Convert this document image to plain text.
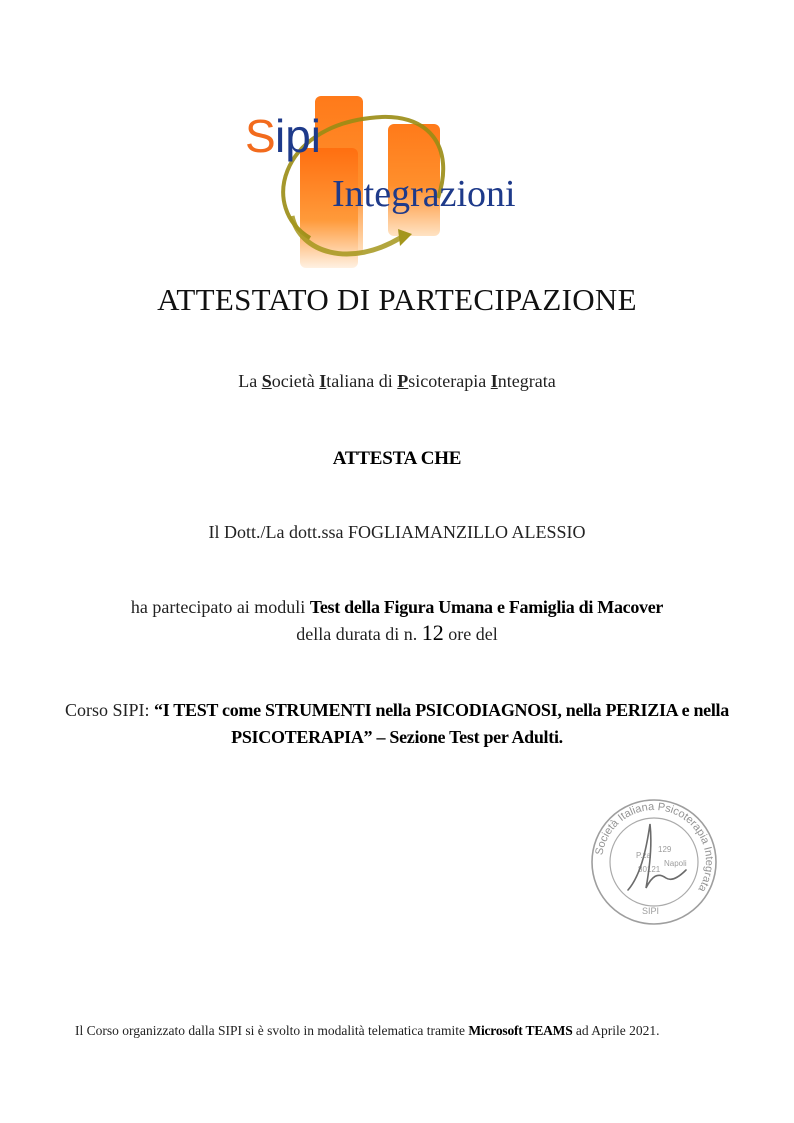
S ipi
Integrazioni
ATTESTATO DI PARTECIPAZIONE
La Società Italiana di Psicoterapia Integrata
ATTESTA CHE
Il Dott./La dott.ssa FOGLIAMANZILLO ALESSIO
ha partecipato ai moduli Test della Figura Umana e Famiglia di Macover
della durata di n. 12 ore del
Corso SIPI: “I TEST come STRUMENTI nella PSICODIAGNOSI, nella PERIZIA e nella PSICOTERAPIA” – Sezione Test per Adulti.
Società Italiana Psicoterapia Integrata
P.za
129
80121
Napoli
SIPI
Il Corso organizzato dalla SIPI si è svolto in modalità telematica tramite Microsoft TEAMS ad Aprile 2021.
